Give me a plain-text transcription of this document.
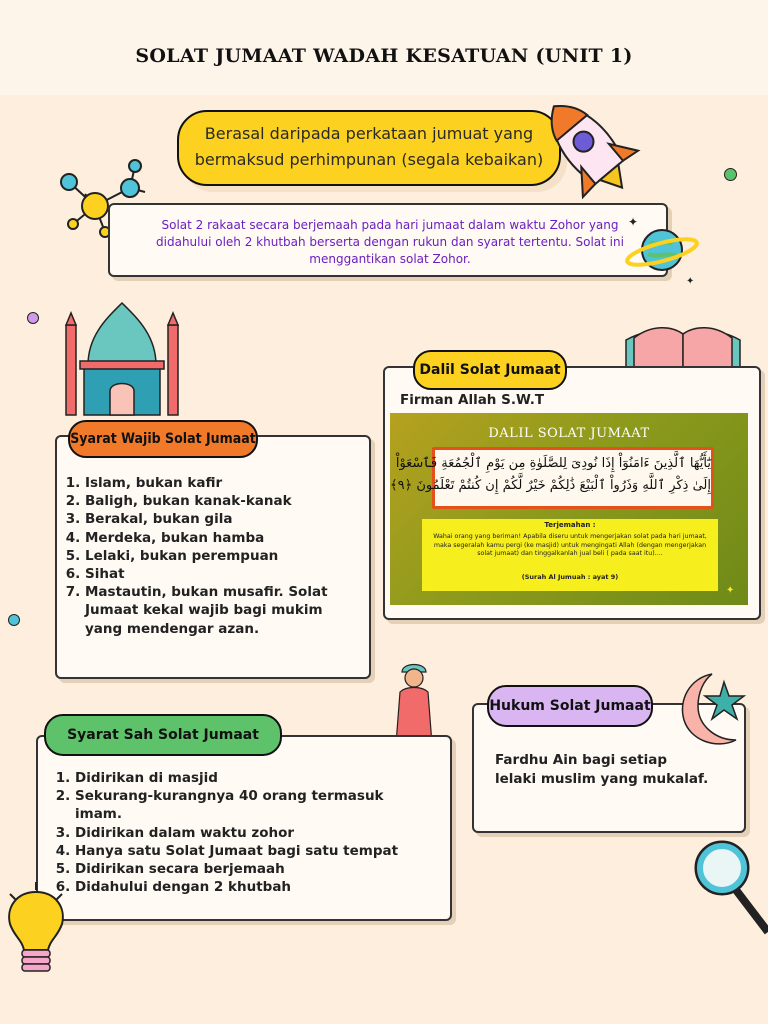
SOLAT JUMAAT WADAH KESATUAN (UNIT 1)
Berasal daripada perkataan jumuat yang
bermaksud perhimpunan (segala kebaikan)
Solat 2 rakaat secara berjemaah pada hari jumaat dalam waktu Zohor yang didahului oleh 2 khutbah berserta dengan rukun dan syarat tertentu. Solat ini menggantikan solat Zohor.
✦
✦
Syarat Wajib Solat Jumaat
1. Islam, bukan kafir
2. Baligh, bukan kanak-kanak
3. Berakal, bukan gila
4. Merdeka, bukan hamba
5. Lelaki, bukan perempuan
6. Sihat
7. Mastautin, bukan musafir. Solat Jumaat kekal wajib bagi mukim yang mendengar azan.
Dalil Solat Jumaat
Firman Allah S.W.T
DALIL SOLAT JUMAAT
يَٰٓأَيُّهَا ٱلَّذِينَ ءَامَنُوٓاْ إِذَا نُودِىَ لِلصَّلَوٰةِ مِن يَوْمِ ٱلْجُمُعَةِ فَٱسْعَوْاْ
إِلَىٰ ذِكْرِ ٱللَّهِ وَذَرُواْ ٱلْبَيْعَ ذَٰلِكُمْ خَيْرٌ لَّكُمْ إِن كُنتُمْ تَعْلَمُونَ ﴿٩﴾
Terjemahan :
Wahai orang yang beriman! Apabila diseru untuk mengerjakan solat pada hari jumaat, maka segeralah kamu pergi (ke masjid) untuk mengingati Allah (dengan mengerjakan solat jumaat) dan tinggalkanlah jual beli ( pada saat itu)....
(Surah Al Jumuah : ayat 9)
✦
Hukum Solat Jumaat
Fardhu Ain bagi setiap
lelaki muslim yang mukalaf.
Syarat Sah Solat Jumaat
1. Didirikan di masjid
2. Sekurang-kurangnya 40 orang termasuk imam.
3. Didirikan dalam waktu zohor
4. Hanya satu Solat Jumaat bagi satu tempat
5. Didirikan secara berjemaah
6. Didahului dengan 2 khutbah
